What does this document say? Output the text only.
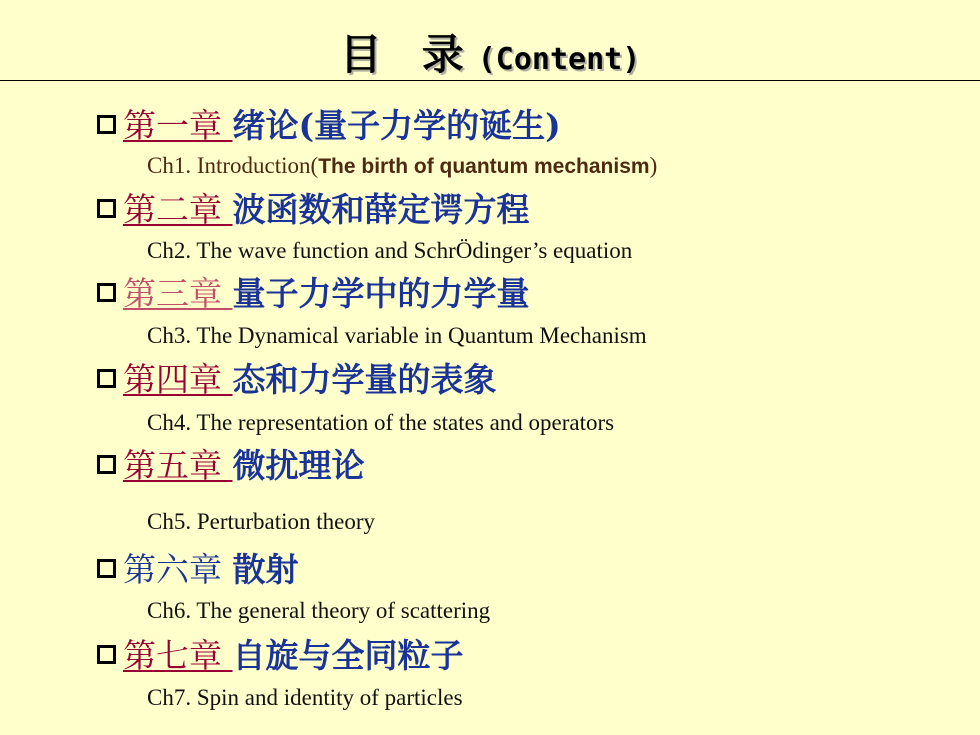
目 录 (Content)
第一章 绪论(量子力学的诞生)
Ch1. Introduction(The birth of quantum mechanism)
第二章 波函数和薛定谔方程
Ch2. The wave function and SchrÖdinger’s equation
第三章 量子力学中的力学量
Ch3. The Dynamical variable in Quantum Mechanism
第四章 态和力学量的表象
Ch4. The representation of the states and operators
第五章 微扰理论
Ch5. Perturbation theory
第六章 散射
Ch6. The general theory of scattering
第七章 自旋与全同粒子
Ch7. Spin and identity of particles
